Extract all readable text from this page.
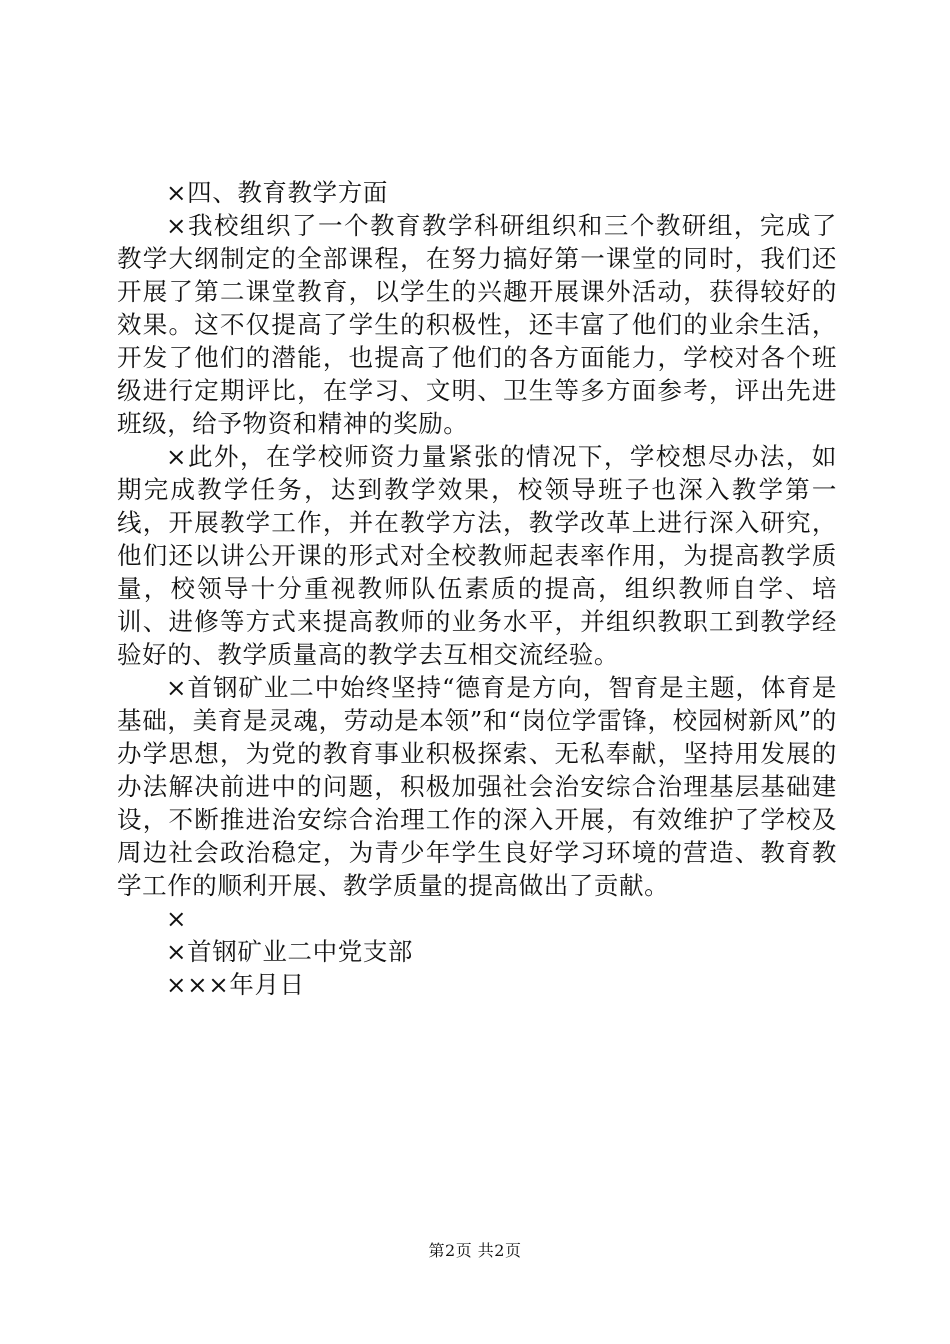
×四、教育教学方面

×我校组织了一个教育教学科研组织和三个教研组，完成了教学大纲制定的全部课程，在努力搞好第一课堂的同时，我们还开展了第二课堂教育，以学生的兴趣开展课外活动，获得较好的效果。这不仅提高了学生的积极性，还丰富了他们的业余生活，开发了他们的潜能，也提高了他们的各方面能力，学校对各个班级进行定期评比，在学习、文明、卫生等多方面参考，评出先进班级，给予物资和精神的奖励。

×此外，在学校师资力量紧张的情况下，学校想尽办法，如期完成教学任务，达到教学效果，校领导班子也深入教学第一线，开展教学工作，并在教学方法，教学改革上进行深入研究，他们还以讲公开课的形式对全校教师起表率作用，为提高教学质量，校领导十分重视教师队伍素质的提高，组织教师自学、培训、进修等方式来提高教师的业务水平，并组织教职工到教学经验好的、教学质量高的教学去互相交流经验。

×首钢矿业二中始终坚持“德育是方向，智育是主题，体育是基础，美育是灵魂，劳动是本领”和“岗位学雷锋，校园树新风”的办学思想，为党的教育事业积极探索、无私奉献，坚持用发展的办法解决前进中的问题，积极加强社会治安综合治理基层基础建设，不断推进治安综合治理工作的深入开展，有效维护了学校及周边社会政治稳定，为青少年学生良好学习环境的营造、教育教学工作的顺利开展、教学质量的提高做出了贡献。

×

×首钢矿业二中党支部

×××年月日

第2页 共2页
